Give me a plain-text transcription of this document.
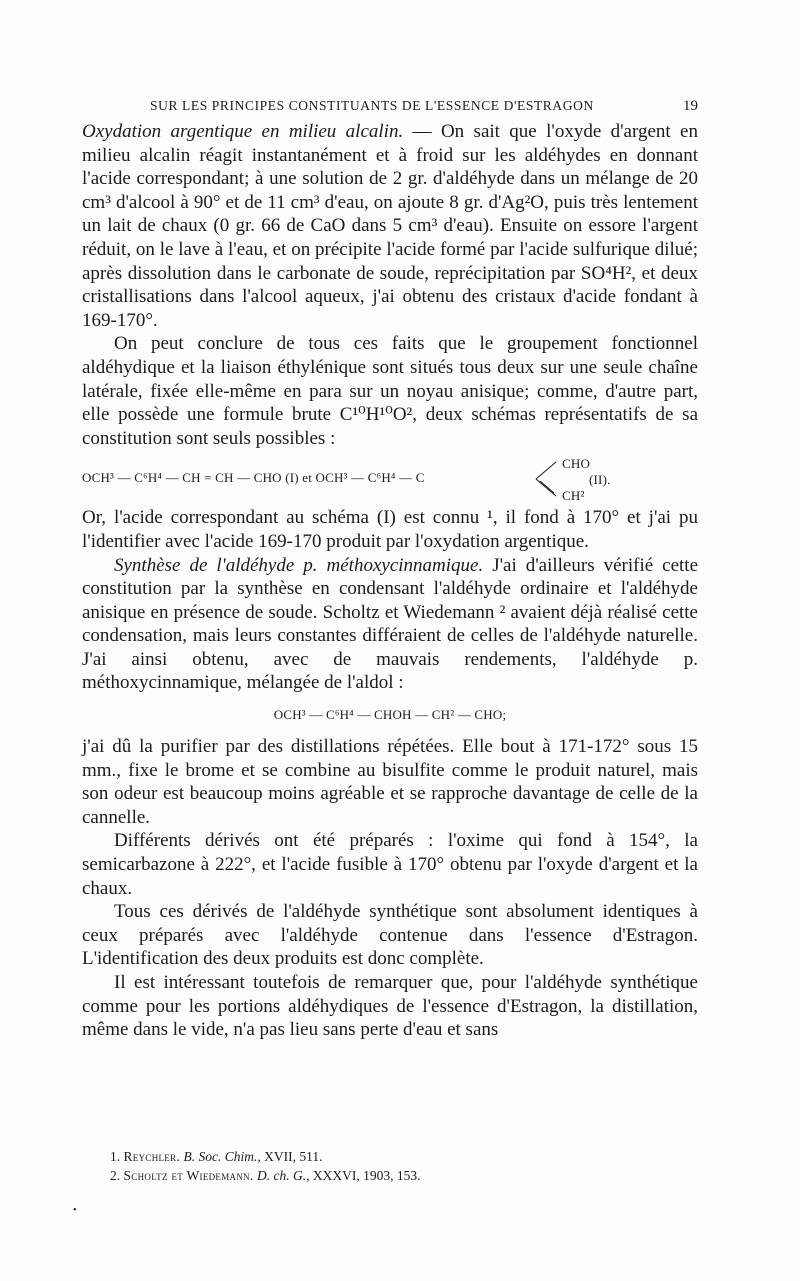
SUR LES PRINCIPES CONSTITUANTS DE L'ESSENCE D'ESTRAGON	19

Oxydation argentique en milieu alcalin. — On sait que l'oxyde d'argent en milieu alcalin réagit instantanément et à froid sur les aldéhydes en donnant l'acide correspondant; à une solution de 2 gr. d'aldéhyde dans un mélange de 20 cm³ d'alcool à 90° et de 11 cm³ d'eau, on ajoute 8 gr. d'Ag²O, puis très lentement un lait de chaux (0 gr. 66 de CaO dans 5 cm³ d'eau). Ensuite on essore l'argent réduit, on le lave à l'eau, et on précipite l'acide formé par l'acide sulfurique dilué; après dissolution dans le carbonate de soude, reprécipitation par SO⁴H², et deux cristallisations dans l'alcool aqueux, j'ai obtenu des cristaux d'acide fondant à 169-170°.

On peut conclure de tous ces faits que le groupement fonctionnel aldéhydique et la liaison éthylénique sont situés tous deux sur une seule chaîne latérale, fixée elle-même en para sur un noyau anisique; comme, d'autre part, elle possède une formule brute C¹⁰H¹⁰O², deux schémas représentatifs de sa constitution sont seuls possibles :

OCH³ — C⁶H⁴ — CH = CH — CHO (I) et OCH³ — C⁶H⁴ — C
CHO
CH²
(II).

Or, l'acide correspondant au schéma (I) est connu ¹, il fond à 170° et j'ai pu l'identifier avec l'acide 169-170 produit par l'oxydation argentique.

Synthèse de l'aldéhyde p. méthoxycinnamique. J'ai d'ailleurs vérifié cette constitution par la synthèse en condensant l'aldéhyde ordinaire et l'aldéhyde anisique en présence de soude. Scholtz et Wiedemann ² avaient déjà réalisé cette condensation, mais leurs constantes différaient de celles de l'aldéhyde naturelle. J'ai ainsi obtenu, avec de mauvais rendements, l'aldéhyde p. méthoxycinnamique, mélangée de l'aldol :

OCH³ — C⁶H⁴ — CHOH — CH² — CHO;

j'ai dû la purifier par des distillations répétées. Elle bout à 171-172° sous 15 mm., fixe le brome et se combine au bisulfite comme le produit naturel, mais son odeur est beaucoup moins agréable et se rapproche davantage de celle de la cannelle.

Différents dérivés ont été préparés : l'oxime qui fond à 154°, la semicarbazone à 222°, et l'acide fusible à 170° obtenu par l'oxyde d'argent et la chaux.

Tous ces dérivés de l'aldéhyde synthétique sont absolument identiques à ceux préparés avec l'aldéhyde contenue dans l'essence d'Estragon. L'identification des deux produits est donc complète.

Il est intéressant toutefois de remarquer que, pour l'aldéhyde synthétique comme pour les portions aldéhydiques de l'essence d'Estragon, la distillation, même dans le vide, n'a pas lieu sans perte d'eau et sans

1. Reychler. B. Soc. Chim., XVII, 511.
2. Scholtz et Wiedemann. D. ch. G., XXXVI, 1903, 153.
•
